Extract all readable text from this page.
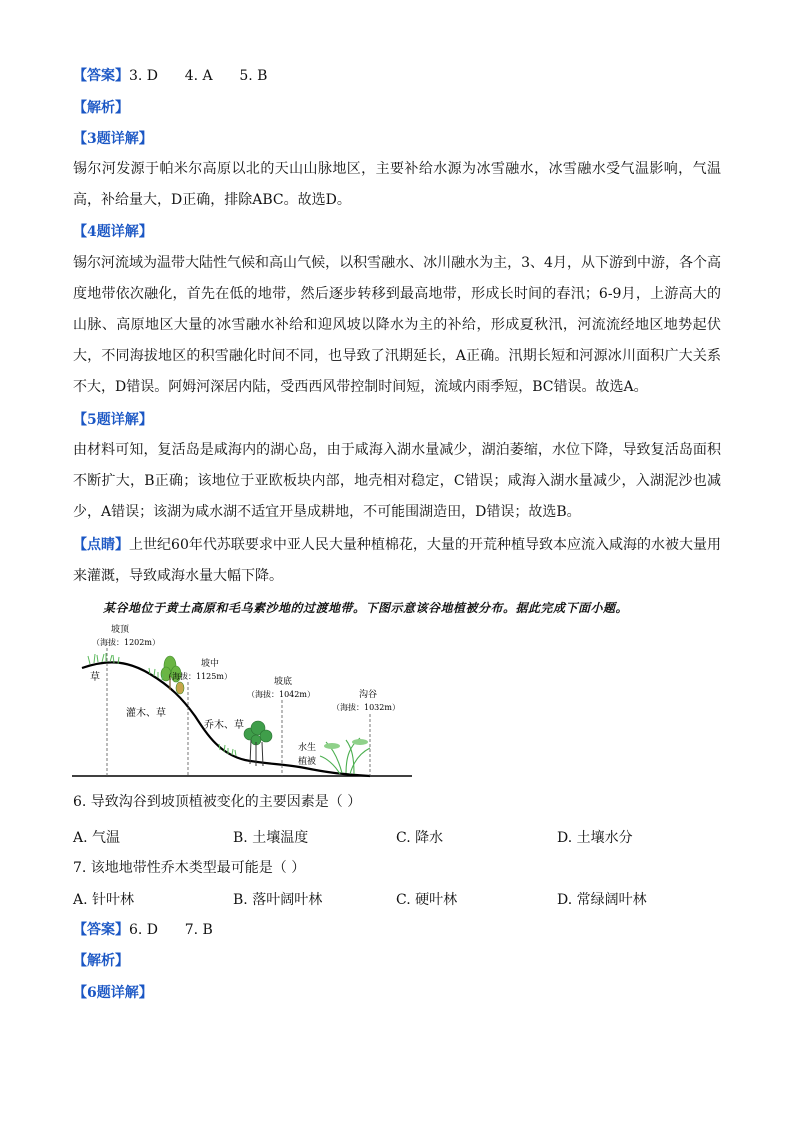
【答案】3. D      4. A      5. B
【解析】
【3题详解】
锡尔河发源于帕米尔高原以北的天山山脉地区，主要补给水源为冰雪融水，冰雪融水受气温影响，气温高，补给量大，D正确，排除ABC。故选D。
【4题详解】
锡尔河流域为温带大陆性气候和高山气候，以积雪融水、冰川融水为主，3、4月，从下游到中游，各个高度地带依次融化，首先在低的地带，然后逐步转移到最高地带，形成长时间的春汛；6-9月，上游高大的山脉、高原地区大量的冰雪融水补给和迎风坡以降水为主的补给，形成夏秋汛，河流流经地区地势起伏大，不同海拔地区的积雪融化时间不同，也导致了汛期延长，A正确。汛期长短和河源冰川面积广大关系不大，D错误。阿姆河深居内陆，受西西风带控制时间短，流域内雨季短，BC错误。故选A。
【5题详解】
由材料可知，复活岛是咸海内的湖心岛，由于咸海入湖水量减少，湖泊萎缩，水位下降，导致复活岛面积不断扩大，B正确；该地位于亚欧板块内部，地壳相对稳定，C错误；咸海入湖水量减少，入湖泥沙也减少，A错误；该湖为咸水湖不适宜开垦成耕地，不可能围湖造田，D错误；故选B。
【点睛】上世纪60年代苏联要求中亚人民大量种植棉花，大量的开荒种植导致本应流入咸海的水被大量用来灌溉，导致咸海水量大幅下降。
某谷地位于黄土高原和毛乌素沙地的过渡地带。下图示意该谷地植被分布。据此完成下面小题。
坡顶
（海拔：1202m）
草
坡中
（海拔：1125m）
灌木、草
坡底
（海拔：1042m）
乔木、草
沟谷
（海拔：1032m）
水生
植被
6. 导致沟谷到坡顶植被变化的主要因素是（ ）
A. 气温	B. 土壤温度	C. 降水	D. 土壤水分
7. 该地地带性乔木类型最可能是（ ）
A. 针叶林	B. 落叶阔叶林	C. 硬叶林	D. 常绿阔叶林
【答案】6. D      7. B
【解析】
【6题详解】
